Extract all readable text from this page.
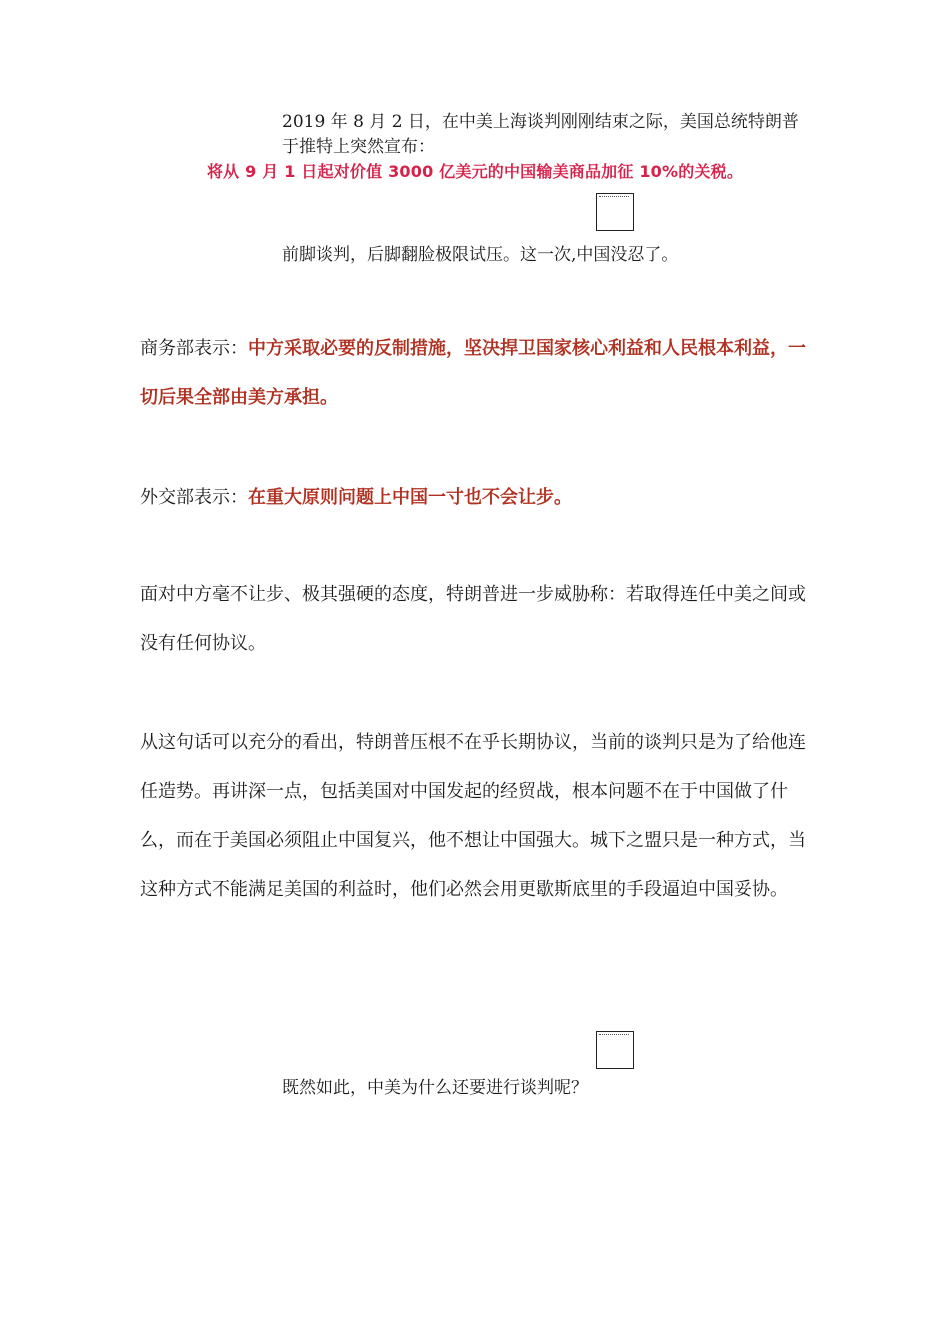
2019 年 8 月 2 日，在中美上海谈判刚刚结束之际，美国总统特朗普于推特上突然宣布：
将从 9 月 1 日起对价值 3000 亿美元的中国输美商品加征 10%的关税。
前脚谈判，后脚翻脸极限试压。这一次,中国没忍了。

商务部表示：中方采取必要的反制措施，坚决捍卫国家核心利益和人民根本利益，一切后果全部由美方承担。

外交部表示：在重大原则问题上中国一寸也不会让步。

面对中方毫不让步、极其强硬的态度，特朗普进一步威胁称：若取得连任中美之间或没有任何协议。

从这句话可以充分的看出，特朗普压根不在乎长期协议，当前的谈判只是为了给他连任造势。再讲深一点，包括美国对中国发起的经贸战，根本问题不在于中国做了什么，而在于美国必须阻止中国复兴，他不想让中国强大。城下之盟只是一种方式，当这种方式不能满足美国的利益时，他们必然会用更歇斯底里的手段逼迫中国妥协。

既然如此，中美为什么还要进行谈判呢？
